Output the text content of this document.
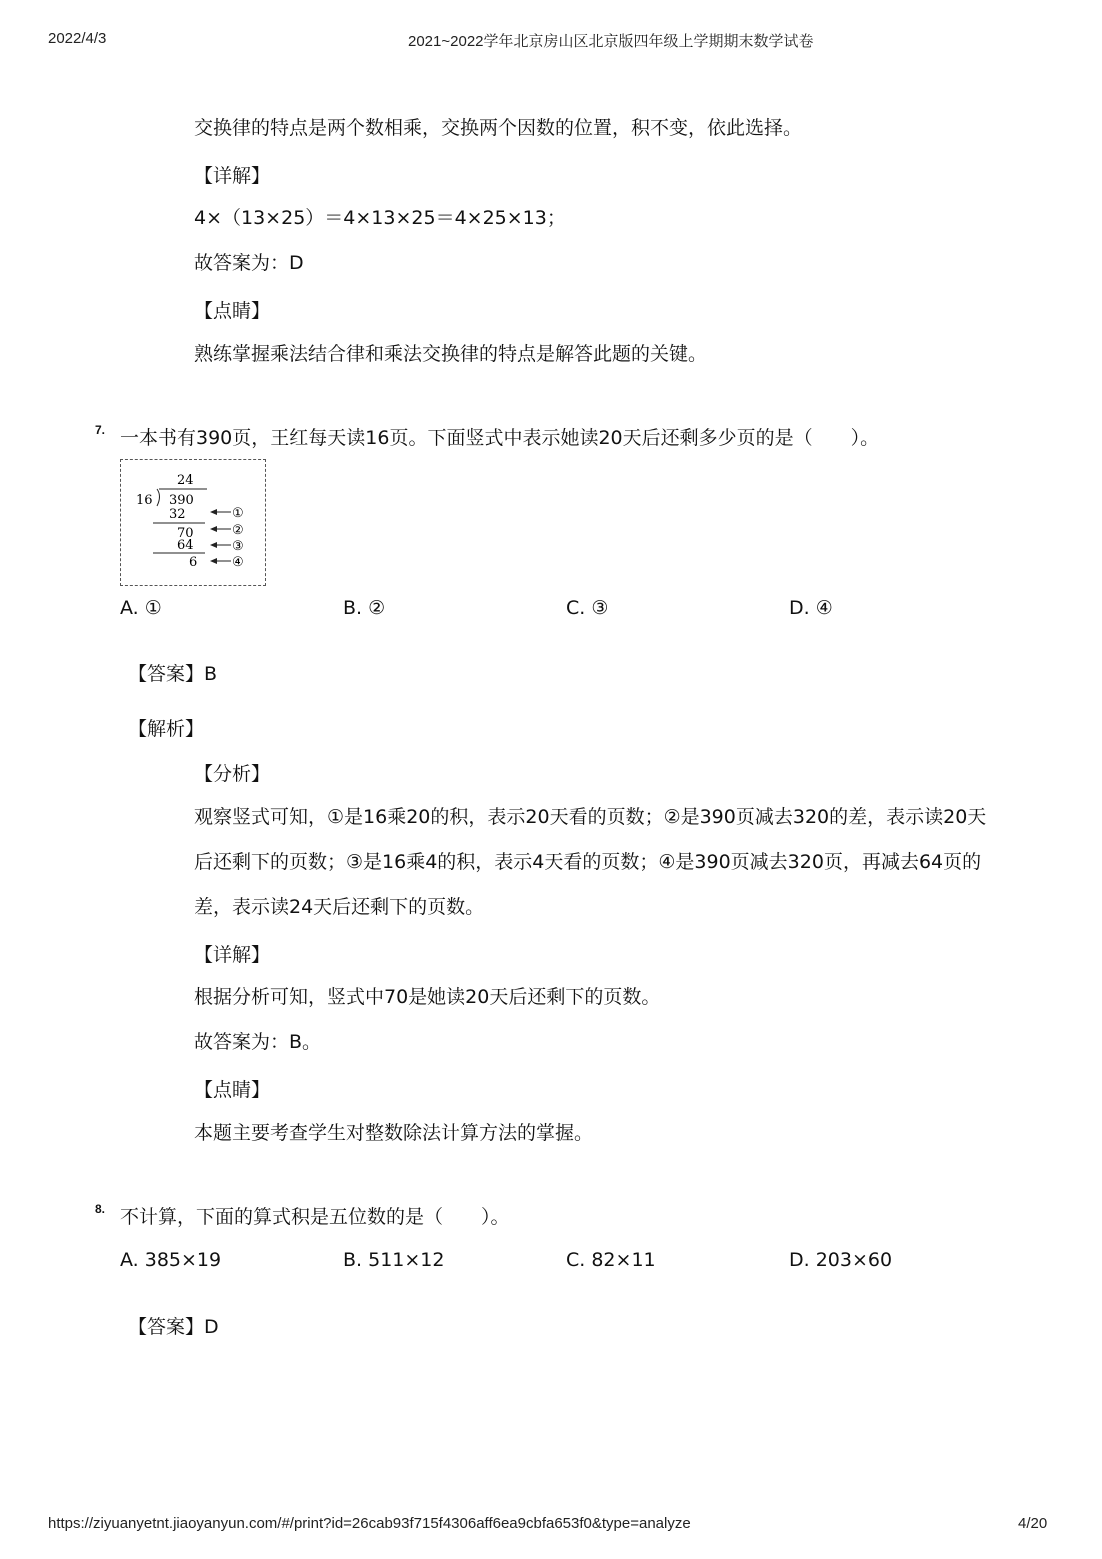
2022/4/3	2021~2022学年北京房山区北京版四年级上学期期末数学试卷
交换律的特点是两个数相乘，交换两个因数的位置，积不变，依此选择。
【详解】
4×（13×25）＝4×13×25＝4×25×13；
故答案为：D
【点睛】
熟练掌握乘法结合律和乘法交换律的特点是解答此题的关键。
7. 一本书有390页，王红每天读16页。下面竖式中表示她读20天后还剩多少页的是（　　）。
24
16 390
32
70
64
6
①
②
③
④
A. ①	B. ②	C. ③	D. ④
【答案】B
【解析】
【分析】
观察竖式可知，①是16乘20的积，表示20天看的页数；②是390页减去320的差，表示读20天
后还剩下的页数；③是16乘4的积，表示4天看的页数；④是390页减去320页，再减去64页的
差，表示读24天后还剩下的页数。
【详解】
根据分析可知，竖式中70是她读20天后还剩下的页数。
故答案为：B。
【点睛】
本题主要考查学生对整数除法计算方法的掌握。
8. 不计算，下面的算式积是五位数的是（　　）。
A. 385×19	B. 511×12	C. 82×11	D. 203×60
【答案】D
https://ziyuanyetnt.jiaoyanyun.com/#/print?id=26cab93f715f4306aff6ea9cbfa653f0&type=analyze	4/20
